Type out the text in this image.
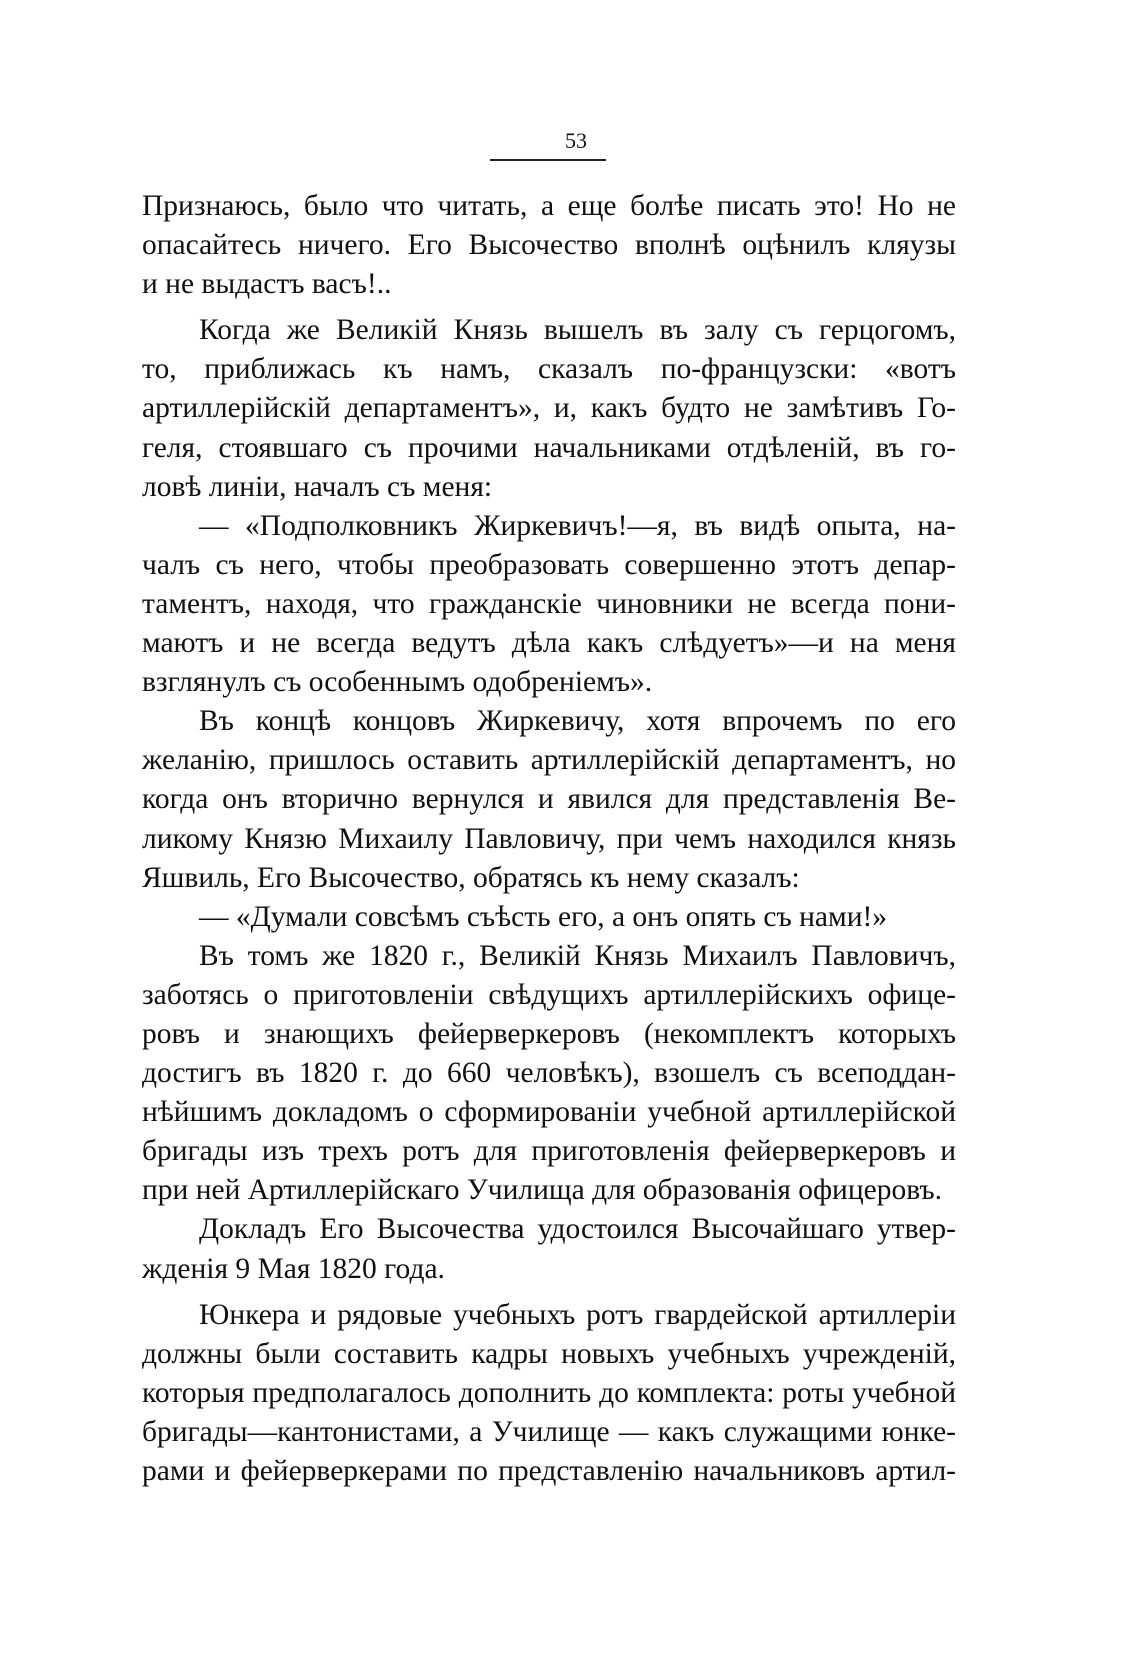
53
Признаюсь, было что читать, а еще болѣе писать это! Но не
опасайтесь ничего. Его Высочество вполнѣ оцѣнилъ кляузы
и не выдастъ васъ!..
Когда же Великій Князь вышелъ въ залу съ герцогомъ,
то, приближась къ намъ, сказалъ по-французски: «вотъ
артиллерійскій департаментъ», и, какъ будто не замѣтивъ Го-
геля, стоявшаго съ прочими начальниками отдѣленій, въ го-
ловѣ линіи, началъ съ меня:
— «Подполковникъ Жиркевичъ!—я, въ видѣ опыта, на-
чалъ съ него, чтобы преобразовать совершенно этотъ депар-
таментъ, находя, что гражданскіе чиновники не всегда пони-
маютъ и не всегда ведутъ дѣла какъ слѣдуетъ»—и на меня
взглянулъ съ особеннымъ одобреніемъ».
Въ концѣ концовъ Жиркевичу, хотя впрочемъ по его
желанію, пришлось оставить артиллерійскій департаментъ, но
когда онъ вторично вернулся и явился для представленія Ве-
ликому Князю Михаилу Павловичу, при чемъ находился князь
Яшвиль, Его Высочество, обратясь къ нему сказалъ:
— «Думали совсѣмъ съѣсть его, а онъ опять съ нами!»
Въ томъ же 1820 г., Великій Князь Михаилъ Павловичъ,
заботясь о приготовленіи свѣдущихъ артиллерійскихъ офице-
ровъ и знающихъ фейерверкеровъ (некомплектъ которыхъ
достигъ въ 1820 г. до 660 человѣкъ), взошелъ съ всеподдан-
нѣйшимъ докладомъ о сформированіи учебной артиллерійской
бригады изъ трехъ ротъ для приготовленія фейерверкеровъ и
при ней Артиллерійскаго Училища для образованія офицеровъ.
Докладъ Его Высочества удостоился Высочайшаго утвер-
жденія 9 Мая 1820 года.
Юнкера и рядовые учебныхъ ротъ гвардейской артиллеріи
должны были составить кадры новыхъ учебныхъ учрежденій,
которыя предполагалось дополнить до комплекта: роты учебной
бригады—кантонистами, а Училище — какъ служащими юнке-
рами и фейерверкерами по представленію начальниковъ артил-
